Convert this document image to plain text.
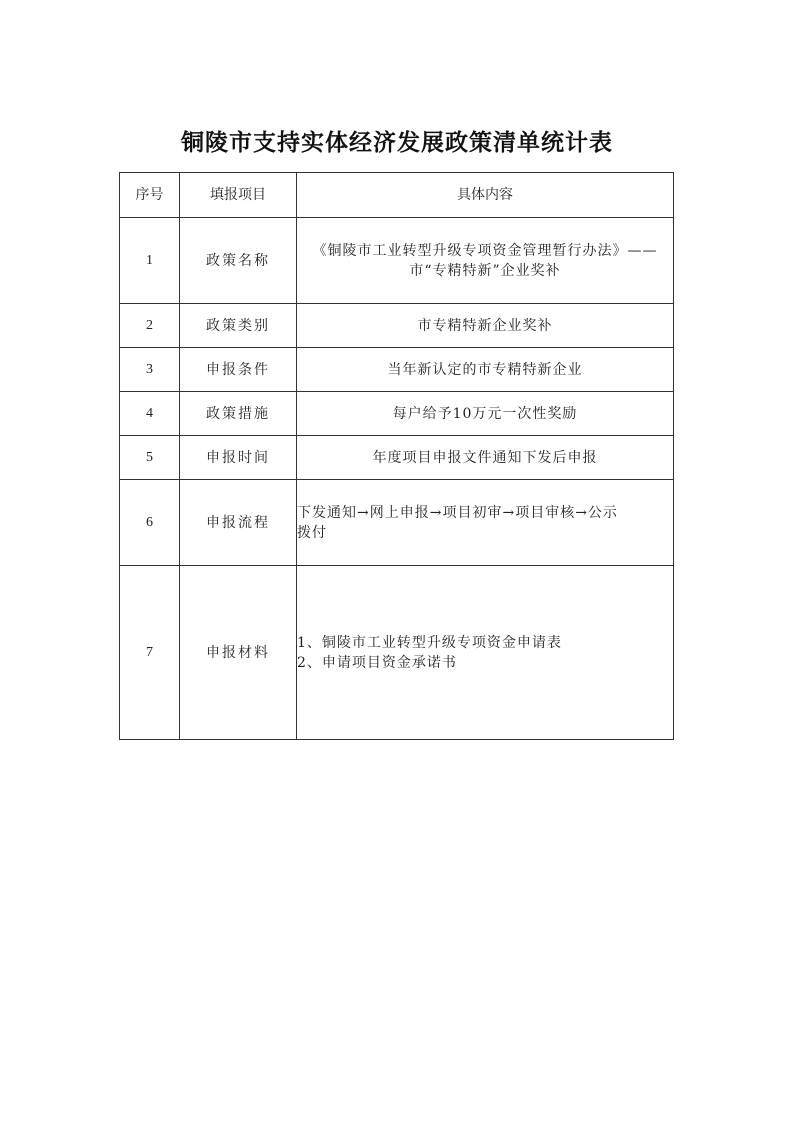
铜陵市支持实体经济发展政策清单统计表
序号	填报项目	具体内容
1	政策名称	《铜陵市工业转型升级专项资金管理暂行办法》——
市“专精特新”企业奖补

2	政策类别	市专精特新企业奖补

3	申报条件	当年新认定的市专精特新企业

4	政策措施	每户给予10万元一次性奖励

5	申报时间	年度项目申报文件通知下发后申报

6	申报流程	下发通知→网上申报→项目初审→项目审核→公示
拨付

7	申报材料	1、铜陵市工业转型升级专项资金申请表
2、申请项目资金承诺书
